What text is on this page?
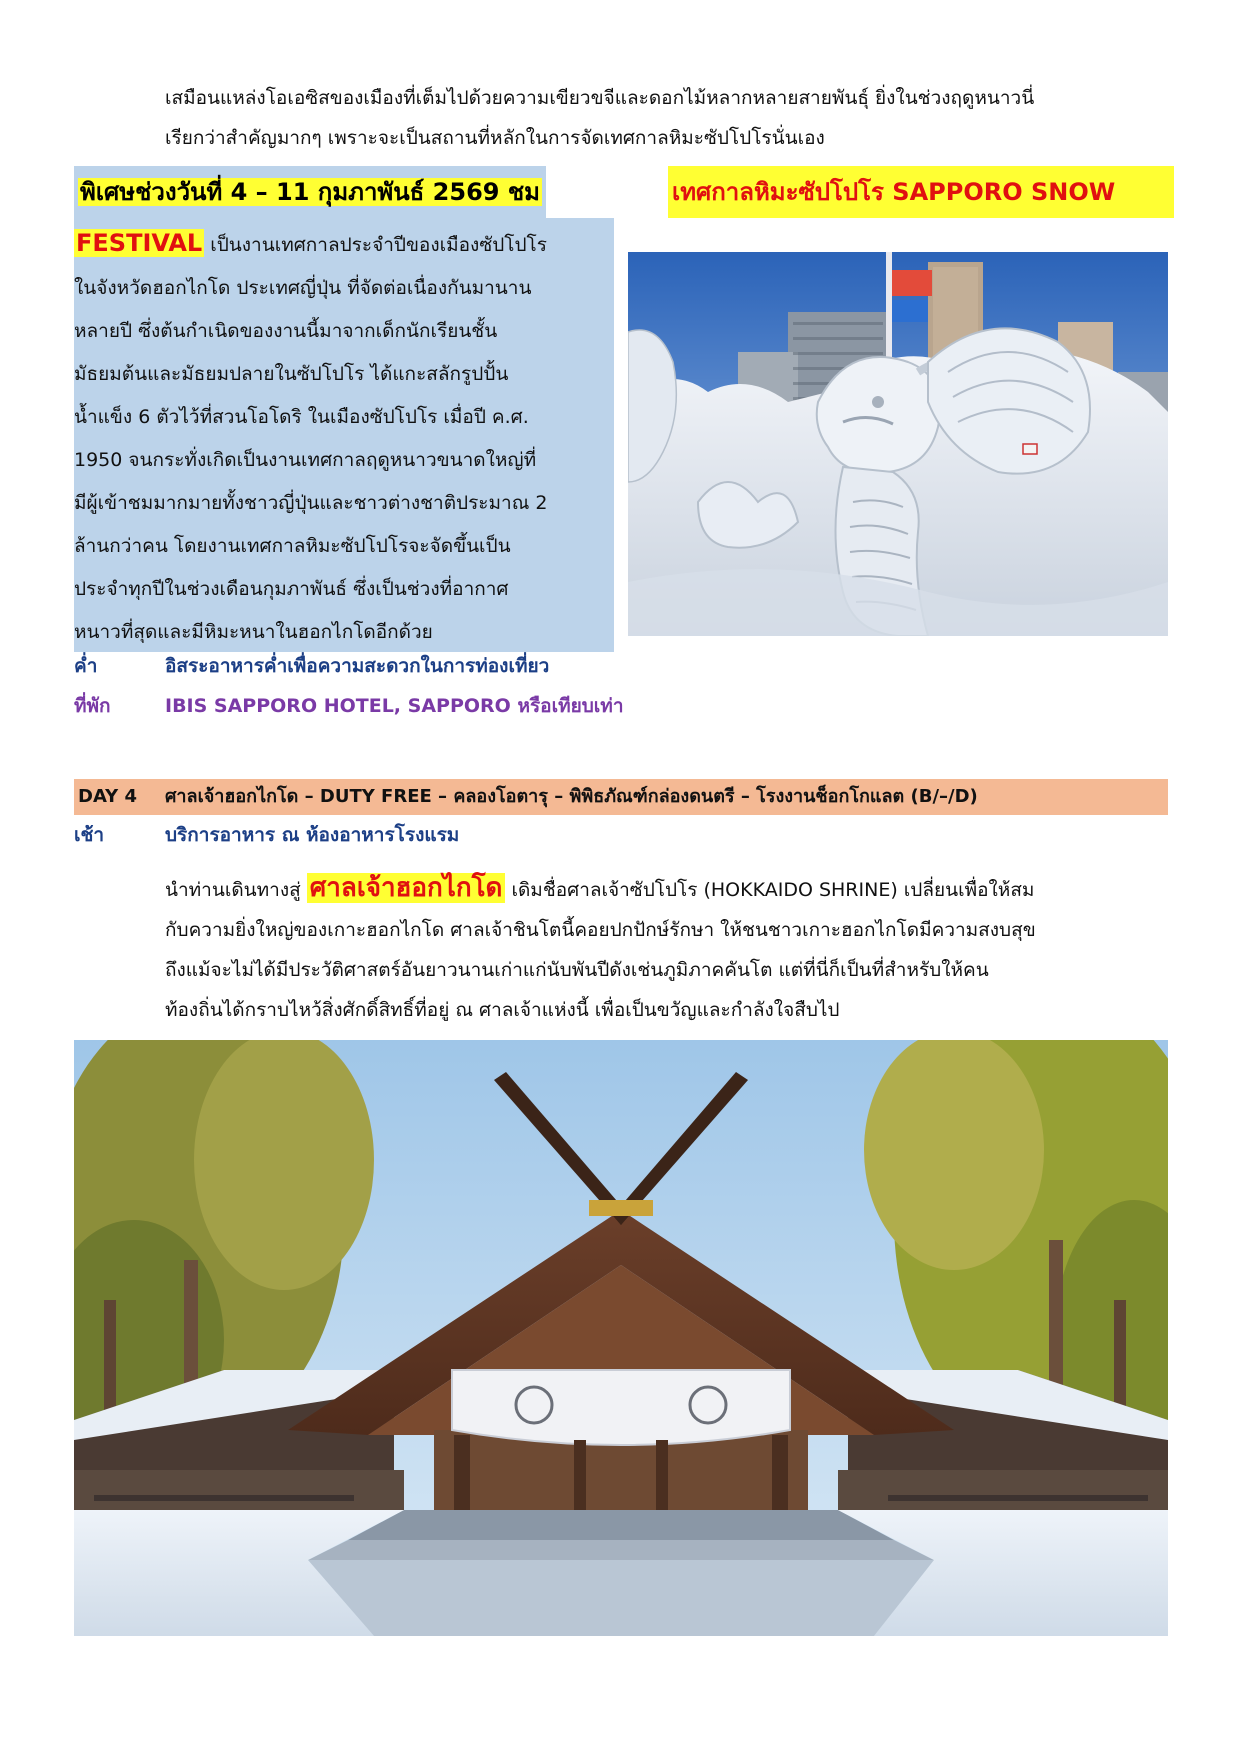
เสมือนแหล่งโอเอซิสของเมืองที่เต็มไปด้วยความเขียวขจีและดอกไม้หลากหลายสายพันธุ์ ยิ่งในช่วงฤดูหนาวนี่
เรียกว่าสำคัญมากๆ เพราะจะเป็นสถานที่หลักในการจัดเทศกาลหิมะซัปโปโรนั่นเอง
พิเศษช่วงวันที่ 4 – 11 กุมภาพันธ์ 2569 ชม	เทศกาลหิมะซัปโปโร SAPPORO SNOW
FESTIVAL เป็นงานเทศกาลประจำปีของเมืองซัปโปโร
ในจังหวัดฮอกไกโด ประเทศญี่ปุ่น ที่จัดต่อเนื่องกันมานาน
หลายปี ซึ่งต้นกำเนิดของงานนี้มาจากเด็กนักเรียนชั้น
มัธยมต้นและมัธยมปลายในซัปโปโร ได้แกะสลักรูปปั้น
น้ำแข็ง 6 ตัวไว้ที่สวนโอโดริ ในเมืองซัปโปโร เมื่อปี ค.ศ.
1950 จนกระทั่งเกิดเป็นงานเทศกาลฤดูหนาวขนาดใหญ่ที่
มีผู้เข้าชมมากมายทั้งชาวญี่ปุ่นและชาวต่างชาติประมาณ 2
ล้านกว่าคน โดยงานเทศกาลหิมะซัปโปโรจะจัดขึ้นเป็น
ประจำทุกปีในช่วงเดือนกุมภาพันธ์ ซึ่งเป็นช่วงที่อากาศ
หนาวที่สุดและมีหิมะหนาในฮอกไกโดอีกด้วย
ค่ำ	อิสระอาหารค่ำเพื่อความสะดวกในการท่องเที่ยว
ที่พัก	IBIS SAPPORO HOTEL, SAPPORO หรือเทียบเท่า
DAY 4 ศาลเจ้าฮอกไกโด – DUTY FREE – คลองโอตารุ – พิพิธภัณฑ์กล่องดนตรี – โรงงานช็อกโกแลต (B/–/D)
เช้า	บริการอาหาร ณ ห้องอาหารโรงแรม
นำท่านเดินทางสู่ ศาลเจ้าฮอกไกโด เดิมชื่อศาลเจ้าซัปโปโร (HOKKAIDO SHRINE) เปลี่ยนเพื่อให้สม
กับความยิ่งใหญ่ของเกาะฮอกไกโด ศาลเจ้าชินโตนี้คอยปกปักษ์รักษา ให้ชนชาวเกาะฮอกไกโดมีความสงบสุข
ถึงแม้จะไม่ได้มีประวัติศาสตร์อันยาวนานเก่าแก่นับพันปีดังเช่นภูมิภาคคันโต แต่ที่นี่ก็เป็นที่สำหรับให้คน
ท้องถิ่นได้กราบไหว้สิ่งศักดิ์สิทธิ์ที่อยู่ ณ ศาลเจ้าแห่งนี้ เพื่อเป็นขวัญและกำลังใจสืบไป
